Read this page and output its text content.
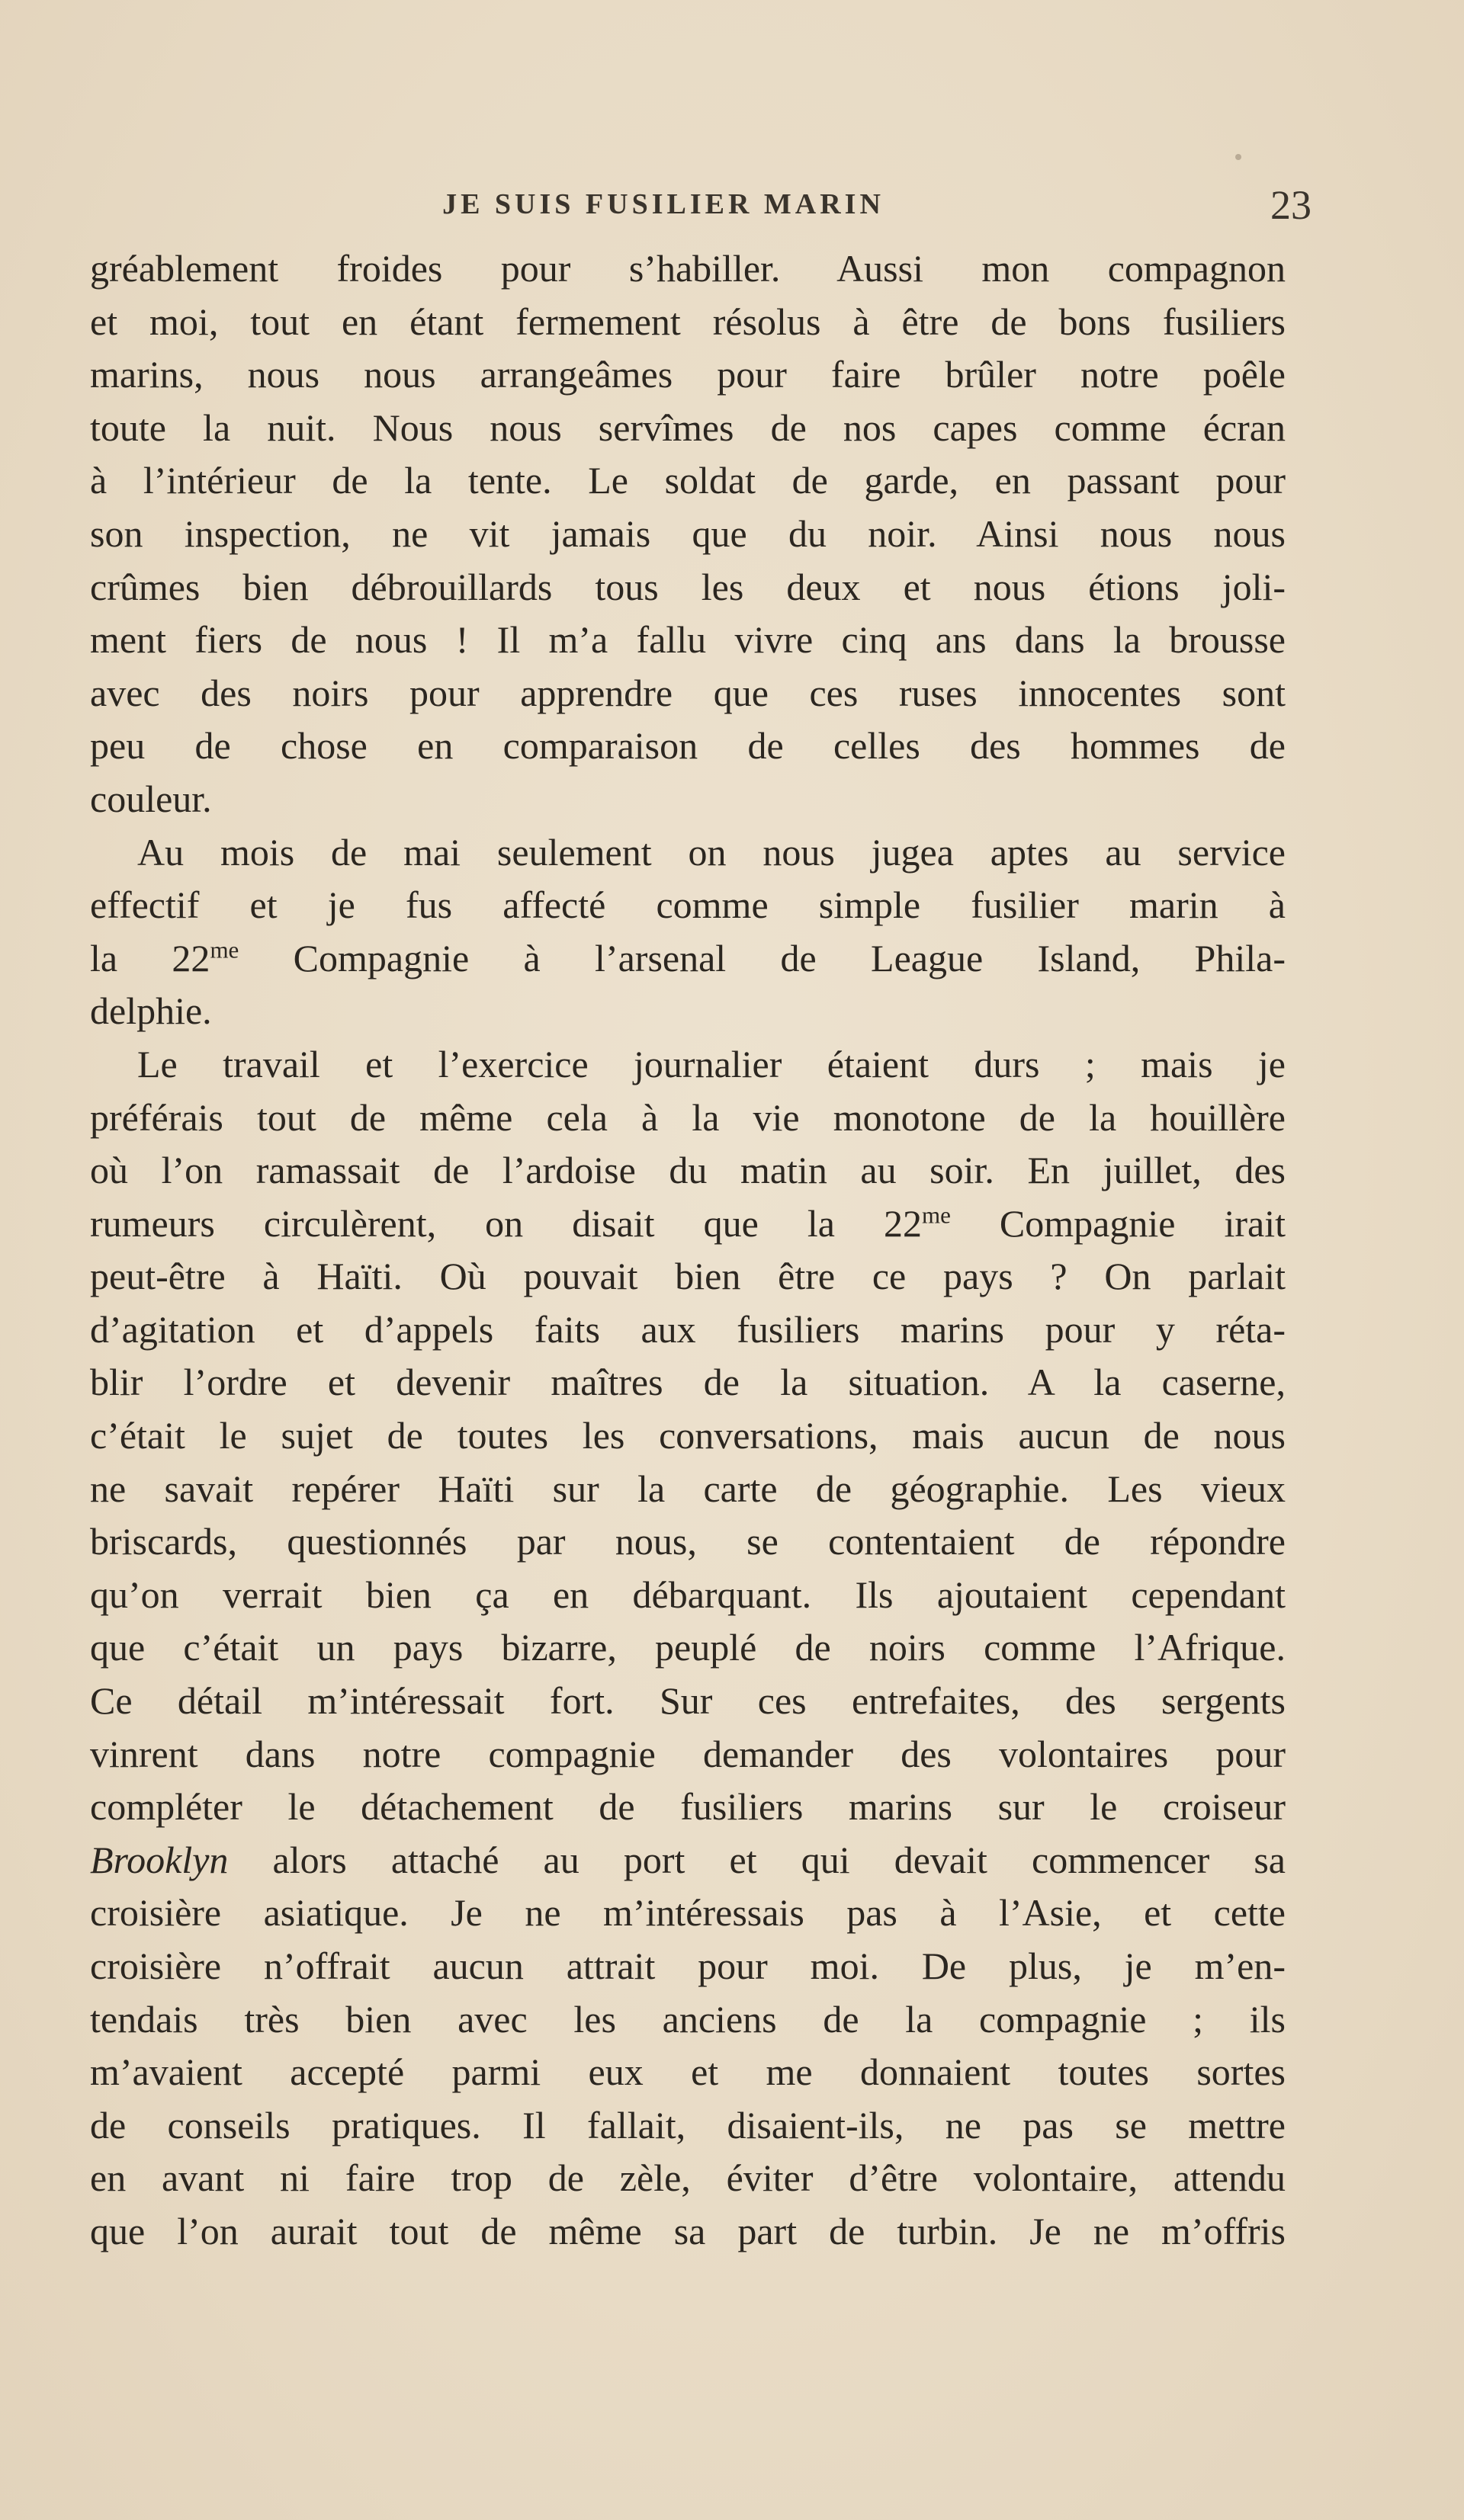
JE SUIS FUSILIER MARIN	23
gréablement froides pour s’habiller. Aussi mon compagnon
et moi, tout en étant fermement résolus à être de bons fusiliers
marins, nous nous arrangeâmes pour faire brûler notre poêle
toute la nuit. Nous nous servîmes de nos capes comme écran
à l’intérieur de la tente. Le soldat de garde, en passant pour
son inspection, ne vit jamais que du noir. Ainsi nous nous
crûmes bien débrouillards tous les deux et nous étions joli-
ment fiers de nous ! Il m’a fallu vivre cinq ans dans la brousse
avec des noirs pour apprendre que ces ruses innocentes sont
peu de chose en comparaison de celles des hommes de
couleur.
Au mois de mai seulement on nous jugea aptes au service
effectif et je fus affecté comme simple fusilier marin à
la $22^{me}$ Compagnie à l’arsenal de League Island, Phila-
delphie.
Le travail et l’exercice journalier étaient durs ; mais je
préférais tout de même cela à la vie monotone de la houillère
où l’on ramassait de l’ardoise du matin au soir. En juillet, des
rumeurs circulèrent, on disait que la $22^{me}$ Compagnie irait
peut-être à Haïti. Où pouvait bien être ce pays ? On parlait
d’agitation et d’appels faits aux fusiliers marins pour y réta-
blir l’ordre et devenir maîtres de la situation. A la caserne,
c’était le sujet de toutes les conversations, mais aucun de nous
ne savait repérer Haïti sur la carte de géographie. Les vieux
briscards, questionnés par nous, se contentaient de répondre
qu’on verrait bien ça en débarquant. Ils ajoutaient cependant
que c’était un pays bizarre, peuplé de noirs comme l’Afrique.
Ce détail m’intéressait fort. Sur ces entrefaites, des sergents
vinrent dans notre compagnie demander des volontaires pour
compléter le détachement de fusiliers marins sur le croiseur
Brooklyn alors attaché au port et qui devait commencer sa
croisière asiatique. Je ne m’intéressais pas à l’Asie, et cette
croisière n’offrait aucun attrait pour moi. De plus, je m’en-
tendais très bien avec les anciens de la compagnie ; ils
m’avaient accepté parmi eux et me donnaient toutes sortes
de conseils pratiques. Il fallait, disaient-ils, ne pas se mettre
en avant ni faire trop de zèle, éviter d’être volontaire, attendu
que l’on aurait tout de même sa part de turbin. Je ne m’offris
